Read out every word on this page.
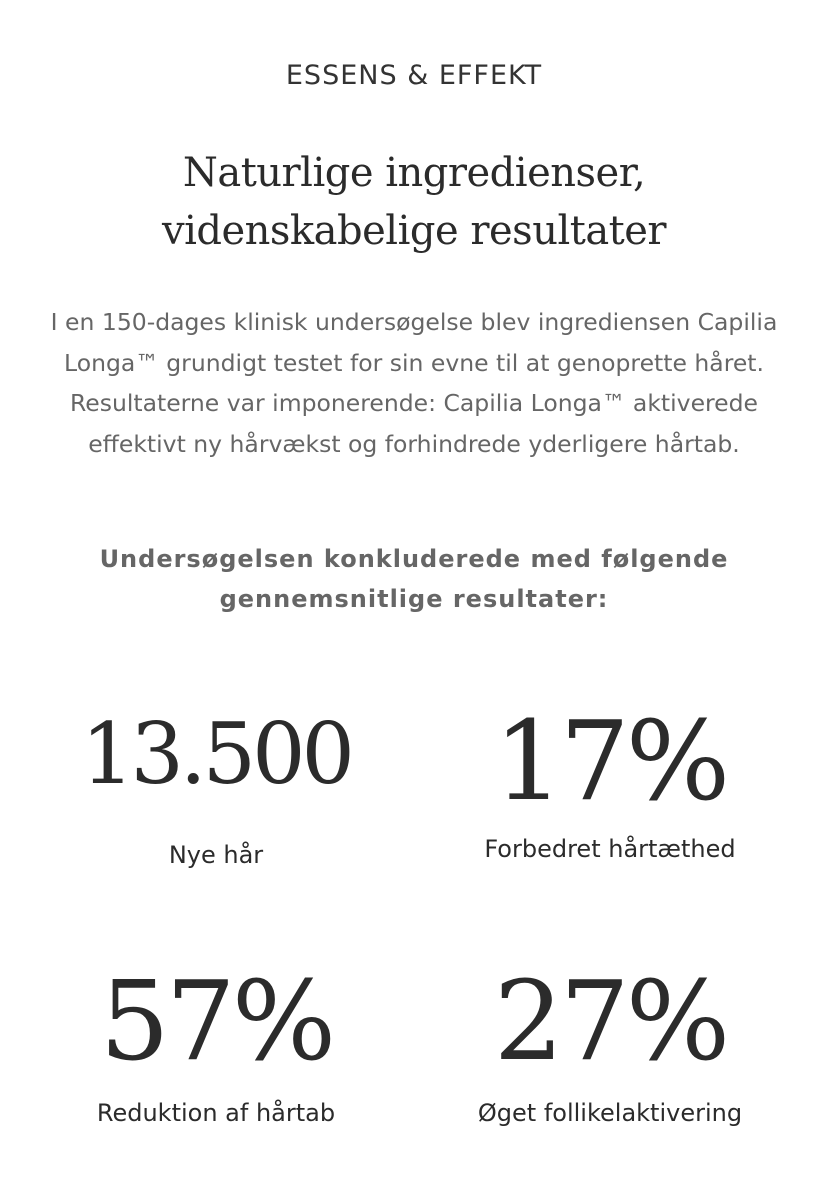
ESSENS & EFFEKT
Naturlige ingredienser, videnskabelige resultater

I en 150-dages klinisk undersøgelse blev ingrediensen Capilia Longa™ grundigt testet for sin evne til at genoprette håret. Resultaterne var imponerende: Capilia Longa™ aktiverede effektivt ny hårvækst og forhindrede yderligere hårtab.

Undersøgelsen konkluderede med følgende gennemsnitlige resultater:

13.500
Nye hår
17%
Forbedret hårtæthed
57%
Reduktion af hårtab
27%
Øget follikelaktivering
